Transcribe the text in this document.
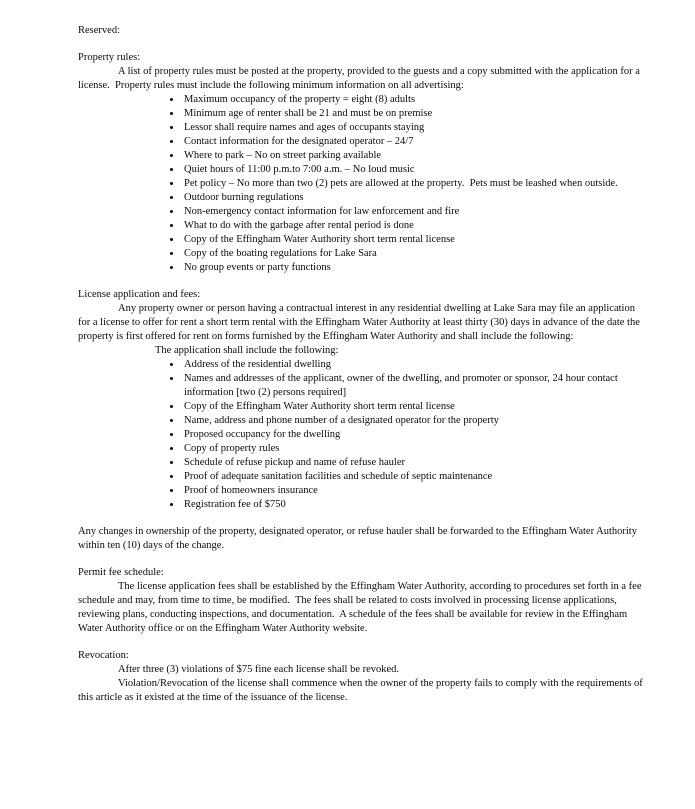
Reserved:

Property rules:

A list of property rules must be posted at the property, provided to the guests and a copy submitted with the application for a license.  Property rules must include the following minimum information on all advertising:

• Maximum occupancy of the property = eight (8) adults
• Minimum age of renter shall be 21 and must be on premise
• Lessor shall require names and ages of occupants staying
• Contact information for the designated operator – 24/7
• Where to park – No on street parking available
• Quiet hours of 11:00 p.m.to 7:00 a.m. – No loud music
• Pet policy – No more than two (2) pets are allowed at the property.  Pets must be leashed when outside.
• Outdoor burning regulations
• Non-emergency contact information for law enforcement and fire
• What to do with the garbage after rental period is done
• Copy of the Effingham Water Authority short term rental license
• Copy of the boating regulations for Lake Sara
• No group events or party functions

License application and fees:

Any property owner or person having a contractual interest in any residential dwelling at Lake Sara may file an application for a license to offer for rent a short term rental with the Effingham Water Authority at least thirty (30) days in advance of the date the property is first offered for rent on forms furnished by the Effingham Water Authority and shall include the following:

The application shall include the following:

• Address of the residential dwelling
• Names and addresses of the applicant, owner of the dwelling, and promoter or sponsor, 24 hour contact information [two (2) persons required]
• Copy of the Effingham Water Authority short term rental license
• Name, address and phone number of a designated operator for the property
• Proposed occupancy for the dwelling
• Copy of property rules
• Schedule of refuse pickup and name of refuse hauler
• Proof of adequate sanitation facilities and schedule of septic maintenance
• Proof of homeowners insurance
• Registration fee of $750

Any changes in ownership of the property, designated operator, or refuse hauler shall be forwarded to the Effingham Water Authority within ten (10) days of the change.

Permit fee schedule:

The license application fees shall be established by the Effingham Water Authority, according to procedures set forth in a fee schedule and may, from time to time, be modified.  The fees shall be related to costs involved in processing license applications, reviewing plans, conducting inspections, and documentation.  A schedule of the fees shall be available for review in the Effingham Water Authority office or on the Effingham Water Authority website.

Revocation:

After three (3) violations of $75 fine each license shall be revoked.

Violation/Revocation of the license shall commence when the owner of the property fails to comply with the requirements of this article as it existed at the time of the issuance of the license.
